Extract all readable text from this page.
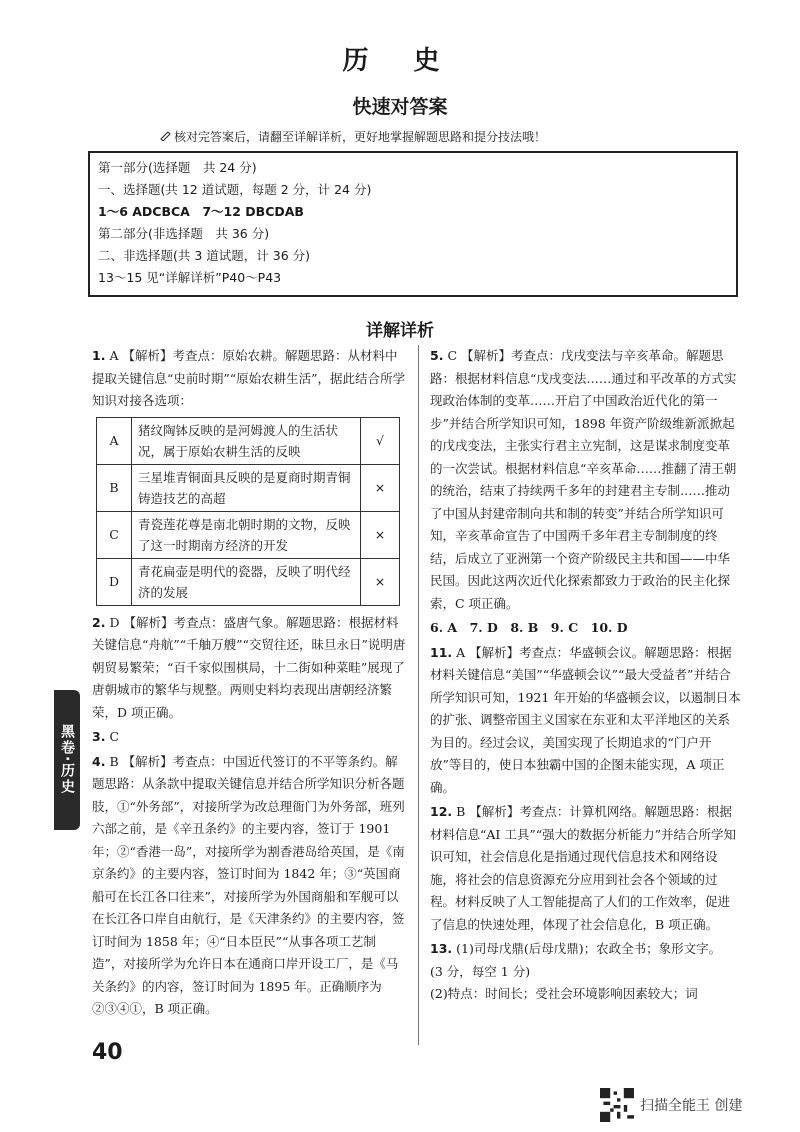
历 史
快速对答案
核对完答案后，请翻至详解详析，更好地掌握解题思路和提分技法哦！
第一部分(选择题　共 24 分)
一、选择题(共 12 道试题，每题 2 分，计 24 分)
1～6 ADCBCA　7～12 DBCDAB
第二部分(非选择题　共 36 分)
二、非选择题(共 3 道试题，计 36 分)
13～15 见“详解详析”P40～P43
详解详析

1. A 【解析】考查点：原始农耕。解题思路：从材料中提取关键信息“史前时期”“原始农耕生活”，据此结合所学知识对接各选项：

A	猪纹陶钵反映的是河姆渡人的生活状况，属于原始农耕生活的反映	√
B	三星堆青铜面具反映的是夏商时期青铜铸造技艺的高超	×
C	青瓷莲花尊是南北朝时期的文物，反映了这一时期南方经济的开发	×
D	青花扁壶是明代的瓷器，反映了明代经济的发展	×

2. D 【解析】考查点：盛唐气象。解题思路：根据材料关键信息“舟航”“千舳万艘”“交贸往还，昧旦永日”说明唐朝贸易繁荣；“百千家似围棋局，十二街如种菜畦”展现了唐朝城市的繁华与规整。两则史料均表现出唐朝经济繁荣，D 项正确。

3. C

4. B 【解析】考查点：中国近代签订的不平等条约。解题思路：从条款中提取关键信息并结合所学知识分析各题肢，①“外务部”，对接所学为改总理衙门为外务部，班列六部之前，是《辛丑条约》的主要内容，签订于 1901 年；②“香港一岛”，对接所学为割香港岛给英国，是《南京条约》的主要内容，签订时间为 1842 年；③“英国商船可在长江各口往来”，对接所学为外国商船和军舰可以在长江各口岸自由航行，是《天津条约》的主要内容，签订时间为 1858 年；④“日本臣民”“从事各项工艺制造”，对接所学为允许日本在通商口岸开设工厂，是《马关条约》的内容，签订时间为 1895 年。正确顺序为②③④①，B 项正确。

5. C 【解析】考查点：戊戌变法与辛亥革命。解题思路：根据材料信息“戊戌变法……通过和平改革的方式实现政治体制的变革……开启了中国政治近代化的第一步”并结合所学知识可知，1898 年资产阶级维新派掀起的戊戌变法，主张实行君主立宪制，这是谋求制度变革的一次尝试。根据材料信息“辛亥革命……推翻了清王朝的统治，结束了持续两千多年的封建君主专制……推动了中国从封建帝制向共和制的转变”并结合所学知识可知，辛亥革命宣告了中国两千多年君主专制制度的终结，后成立了亚洲第一个资产阶级民主共和国——中华民国。因此这两次近代化探索都致力于政治的民主化探索，C 项正确。

6. A　7. D　8. B　9. C　10. D

11. A 【解析】考查点：华盛顿会议。解题思路：根据材料关键信息“美国”“华盛顿会议”“最大受益者”并结合所学知识可知，1921 年开始的华盛顿会议，以遏制日本的扩张、调整帝国主义国家在东亚和太平洋地区的关系为目的。经过会议，美国实现了长期追求的“门户开放”等目的，使日本独霸中国的企图未能实现，A 项正确。

12. B 【解析】考查点：计算机网络。解题思路：根据材料信息“AI 工具”“强大的数据分析能力”并结合所学知识可知，社会信息化是指通过现代信息技术和网络设施，将社会的信息资源充分应用到社会各个领域的过程。材料反映了人工智能提高了人们的工作效率，促进了信息的快速处理，体现了社会信息化，B 项正确。

13. (1)司母戊鼎(后母戊鼎)；农政全书；象形文字。
(3 分，每空 1 分)
(2)特点：时间长；受社会环境影响因素较大；词

黑卷·历史
40
扫描全能王 创建
